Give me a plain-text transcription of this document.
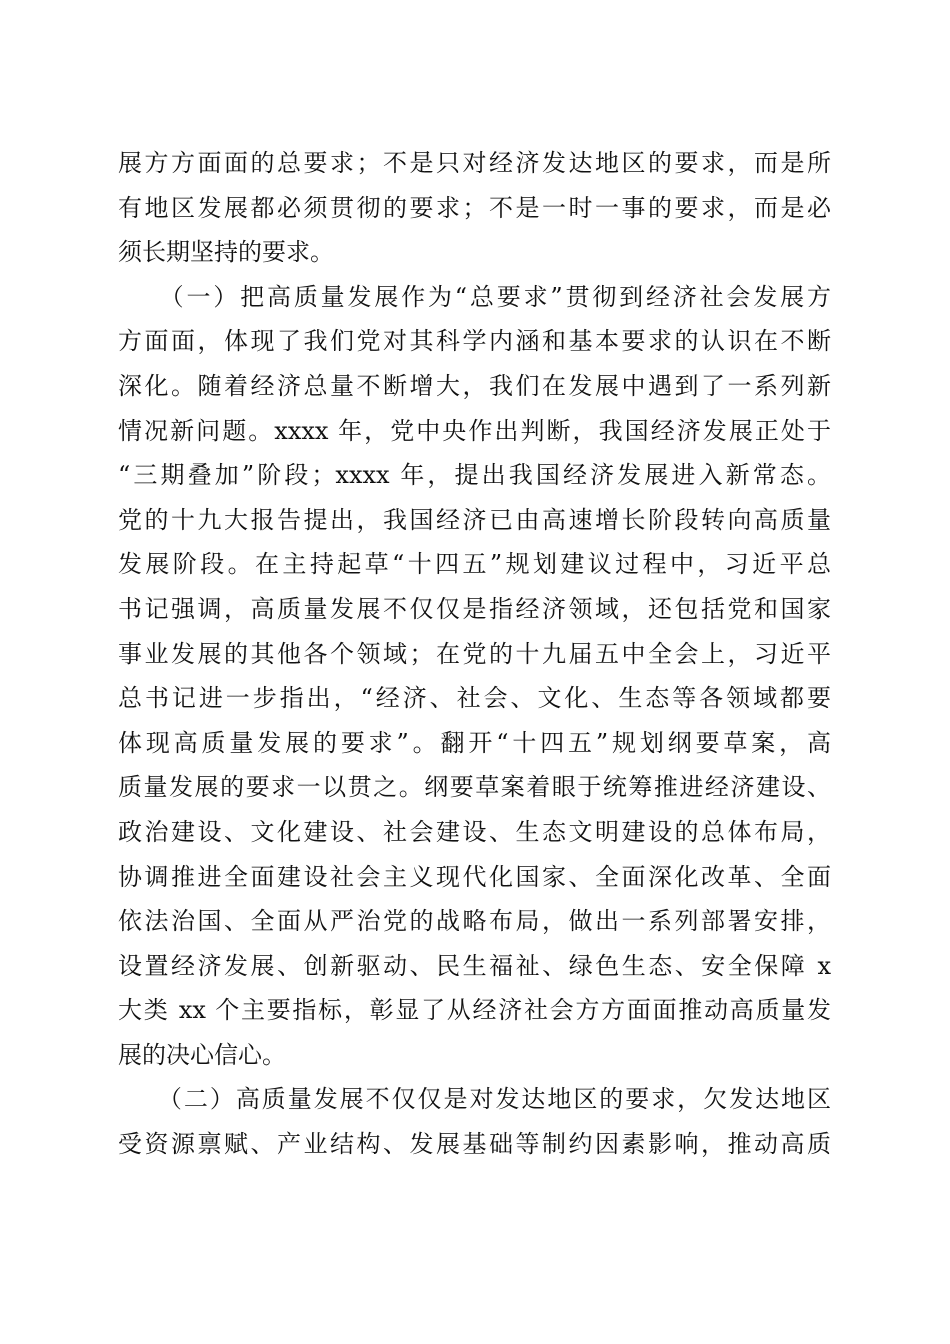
展方方面面的总要求；不是只对经济发达地区的要求，而是所
有地区发展都必须贯彻的要求；不是一时一事的要求，而是必
须长期坚持的要求。
　　（一）把高质量发展作为“总要求”贯彻到经济社会发展方
方面面，体现了我们党对其科学内涵和基本要求的认识在不断
深化。随着经济总量不断增大，我们在发展中遇到了一系列新
情况新问题。xxxx 年，党中央作出判断，我国经济发展正处于
“三期叠加”阶段；xxxx 年，提出我国经济发展进入新常态。
党的十九大报告提出，我国经济已由高速增长阶段转向高质量
发展阶段。在主持起草“十四五”规划建议过程中，习近平总
书记强调，高质量发展不仅仅是指经济领域，还包括党和国家
事业发展的其他各个领域；在党的十九届五中全会上，习近平
总书记进一步指出，“经济、社会、文化、生态等各领域都要
体现高质量发展的要求”。翻开“十四五”规划纲要草案，高
质量发展的要求一以贯之。纲要草案着眼于统筹推进经济建设、
政治建设、文化建设、社会建设、生态文明建设的总体布局，
协调推进全面建设社会主义现代化国家、全面深化改革、全面
依法治国、全面从严治党的战略布局，做出一系列部署安排，
设置经济发展、创新驱动、民生福祉、绿色生态、安全保障 x
大类 xx 个主要指标，彰显了从经济社会方方面面推动高质量发
展的决心信心。
　　（二）高质量发展不仅仅是对发达地区的要求，欠发达地区
受资源禀赋、产业结构、发展基础等制约因素影响，推动高质
